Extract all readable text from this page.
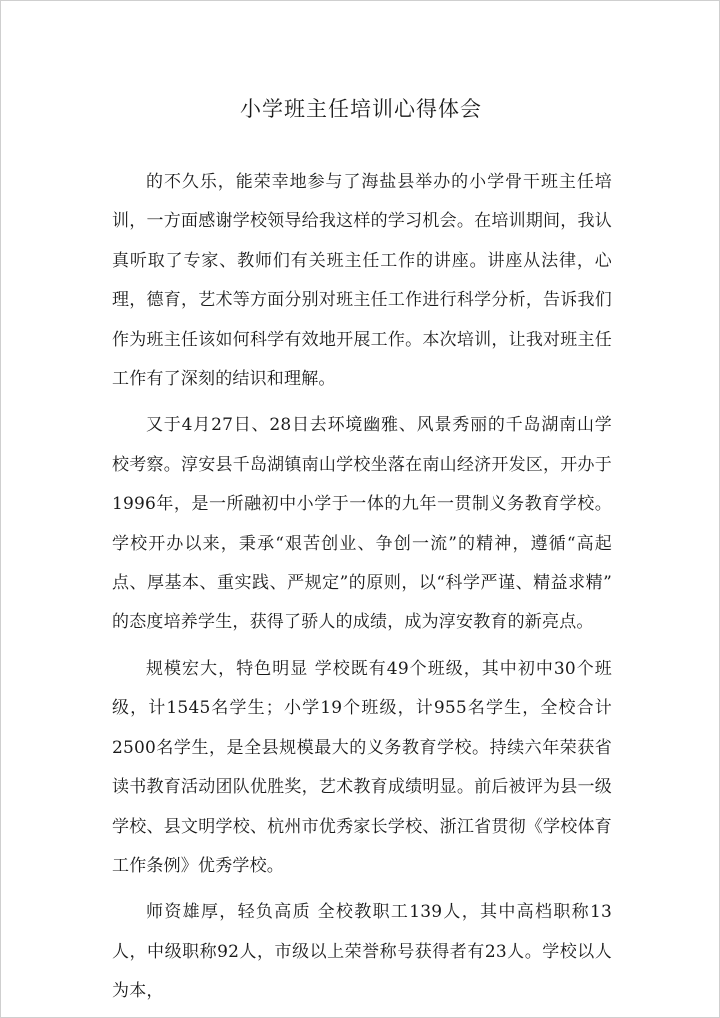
小学班主任培训心得体会

的不久乐，能荣幸地参与了海盐县举办的小学骨干班主任培训，一方面感谢学校领导给我这样的学习机会。在培训期间，我认真听取了专家、教师们有关班主任工作的讲座。讲座从法律，心理，德育，艺术等方面分别对班主任工作进行科学分析，告诉我们作为班主任该如何科学有效地开展工作。本次培训，让我对班主任工作有了深刻的结识和理解。

又于4月27日、28日去环境幽雅、风景秀丽的千岛湖南山学校考察。淳安县千岛湖镇南山学校坐落在南山经济开发区，开办于1996年，是一所融初中小学于一体的九年一贯制义务教育学校。学校开办以来，秉承“艰苦创业、争创一流”的精神，遵循“高起点、厚基本、重实践、严规定”的原则，以“科学严谨、精益求精” 的态度培养学生，获得了骄人的成绩，成为淳安教育的新亮点。

规模宏大，特色明显 学校既有49个班级，其中初中30个班级，计1545名学生；小学19个班级，计955名学生，全校合计2500名学生，是全县规模最大的义务教育学校。持续六年荣获省读书教育活动团队优胜奖，艺术教育成绩明显。前后被评为县一级学校、县文明学校、杭州市优秀家长学校、浙江省贯彻《学校体育工作条例》优秀学校。

师资雄厚，轻负高质 全校教职工139人，其中高档职称13人，中级职称92人，市级以上荣誉称号获得者有23人。学校以人为本，
